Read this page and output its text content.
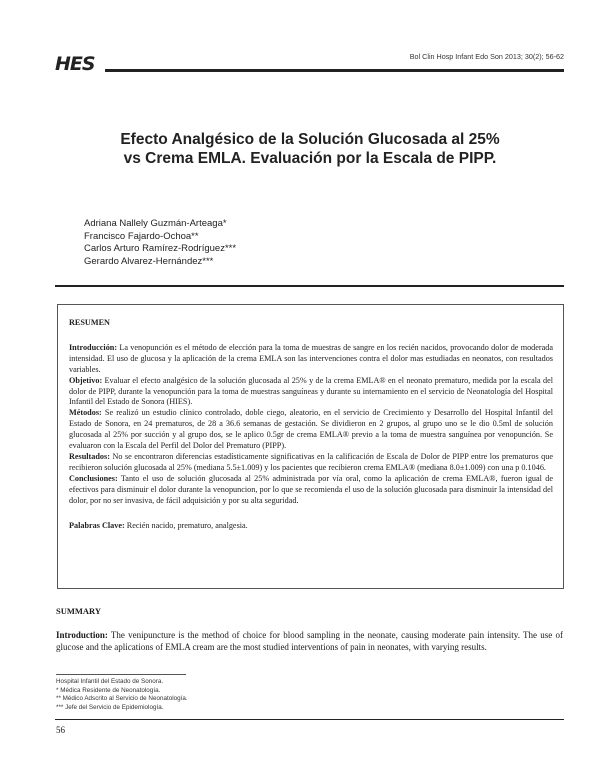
HES	Bol Clin Hosp Infant Edo Son 2013; 30(2); 56-62
Efecto Analgésico de la Solución Glucosada al 25%
vs Crema EMLA. Evaluación por la Escala de PIPP.
Adriana Nallely Guzmán-Arteaga*
Francisco Fajardo-Ochoa**
Carlos Arturo Ramírez-Rodríguez***
Gerardo Alvarez-Hernández***
RESUMEN

Introducción: La venopunción es el método de elección para la toma de muestras de sangre en los recién nacidos, provocando dolor de moderada intensidad. El uso de glucosa y la aplicación de la crema EMLA son las intervenciones contra el dolor mas estudiadas en neonatos, con resultados variables.

Objetivo: Evaluar el efecto analgésico de la solución glucosada al 25% y de la crema EMLA® en el neonato prematuro, medida por la escala del dolor de PIPP, durante la venopunción para la toma de muestras sanguíneas y durante su internamiento en el servicio de Neonatología del Hospital Infantil del Estado de Sonora (HIES).

Métodos: Se realizó un estudio clínico controlado, doble ciego, aleatorio, en el servicio de Crecimiento y Desarrollo del Hospital Infantil del Estado de Sonora, en 24 prematuros, de 28 a 36.6 semanas de gestación. Se dividieron en 2 grupos, al grupo uno se le dio 0.5ml de solución glucosada al 25% por succión y al grupo dos, se le aplico 0.5gr de crema EMLA® previo a la toma de muestra sanguínea por venopunción. Se evaluaron con la Escala del Perfil del Dolor del Prematuro (PIPP).

Resultados: No se encontraron diferencias estadísticamente significativas en la calificación de Escala de Dolor de PIPP entre los prematuros que recibieron solución glucosada al 25% (mediana 5.5±1.009) y los pacientes que recibieron crema EMLA® (mediana 8.0±1.009) con una p 0.1046.

Conclusiones: Tanto el uso de solución glucosada al 25% administrada por vía oral, como la aplicación de crema EMLA®, fueron igual de efectivos para disminuir el dolor durante la venopuncion, por lo que se recomienda el uso de la solución glucosada para disminuir la intensidad del dolor, por no ser invasiva, de fácil adquisición y por su alta seguridad.

Palabras Clave: Recién nacido, prematuro, analgesia.

SUMMARY
Introduction: The venipuncture is the method of choice for blood sampling in the neonate, causing moderate pain intensity. The use of glucose and the aplications of EMLA cream are the most studied interventions of pain in neonates, with varying results.
Hospital Infantil del Estado de Sonora.
* Médica Residente de Neonatología.
** Médico Adscrito al Servicio de Neonatología.
*** Jefe del Servicio de Epidemiología.
56
